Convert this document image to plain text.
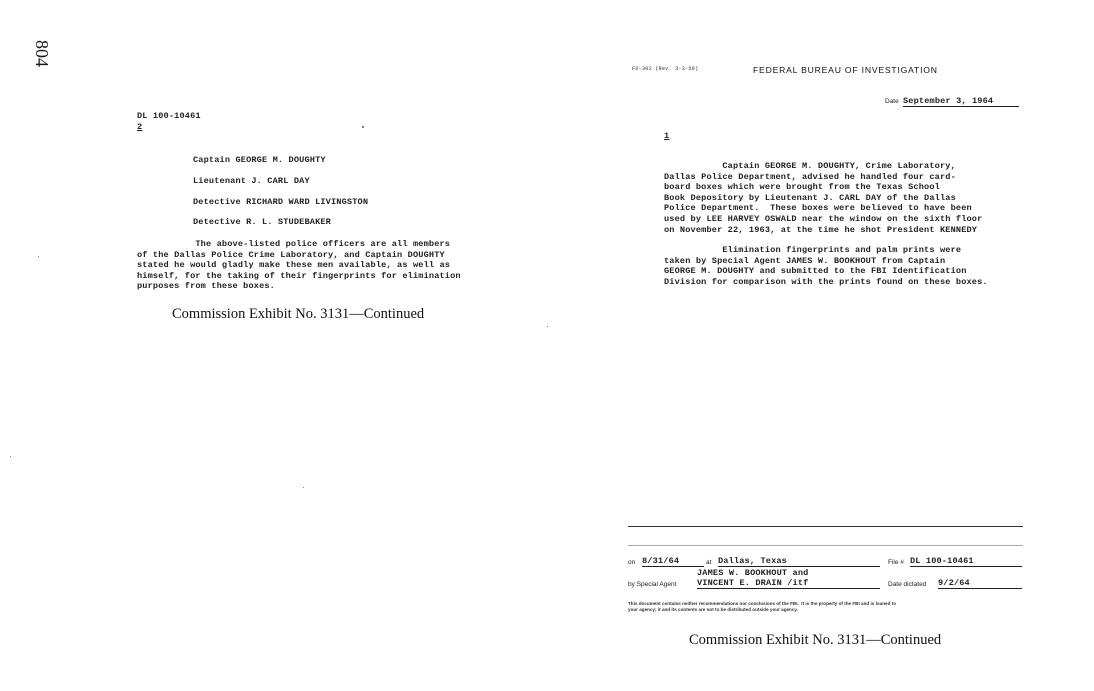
804
DL 100-10461
2
Captain GEORGE M. DOUGHTY
Lieutenant J. CARL DAY
Detective RICHARD WARD LIVINGSTON
Detective R. L. STUDEBAKER
The above-listed police officers are all members
of the Dallas Police Crime Laboratory, and Captain DOUGHTY
stated he would gladly make these men available, as well as
himself, for the taking of their fingerprints for elimination
purposes from these boxes.
Commission Exhibit No. 3131—Continued
FD-302 (Rev. 3-3-59)	FEDERAL BUREAU OF INVESTIGATION
Date September 3, 1964
1
Captain GEORGE M. DOUGHTY, Crime Laboratory,
Dallas Police Department, advised he handled four card-
board boxes which were brought from the Texas School
Book Depository by Lieutenant J. CARL DAY of the Dallas
Police Department.  These boxes were believed to have been
used by LEE HARVEY OSWALD near the window on the sixth floor
on November 22, 1963, at the time he shot President KENNEDY
Elimination fingerprints and palm prints were
taken by Special Agent JAMES W. BOOKHOUT from Captain
GEORGE M. DOUGHTY and submitted to the FBI Identification
Division for comparison with the prints found on these boxes.
on 8/31/64	at Dallas, Texas	File # DL 100-10461
JAMES W. BOOKHOUT and
by Special Agent VINCENT E. DRAIN /itf	Date dictated 9/2/64
This document contains neither recommendations nor conclusions of the FBI.  It is the property of the FBI and is loaned to
your agency; it and its contents are not to be distributed outside your agency.
Commission Exhibit No. 3131—Continued
